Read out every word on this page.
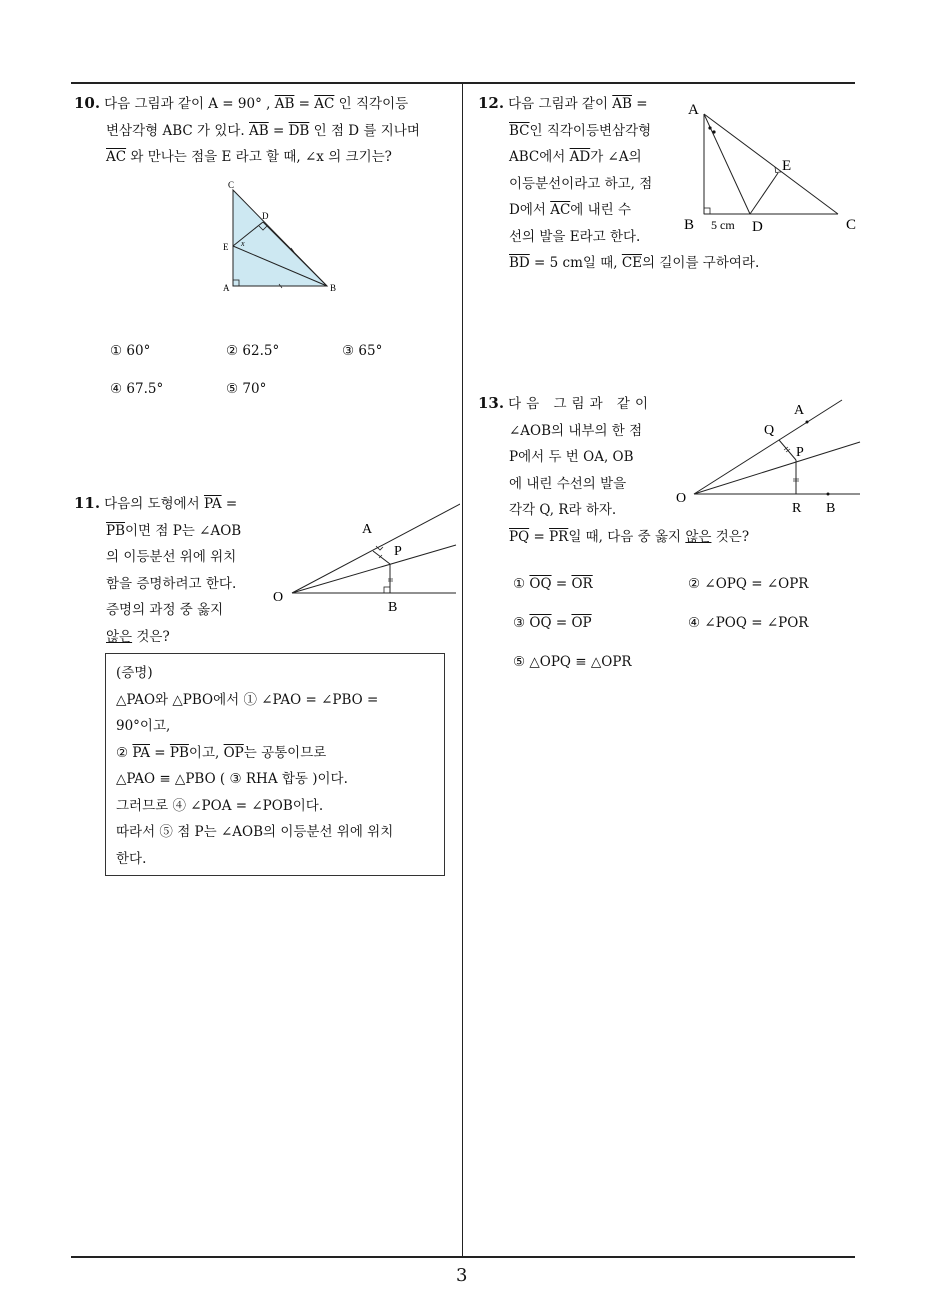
10. 다음 그림과 같이 A = 90° , $\overline{AB} = \overline{AC}$ 인 직각이등
변삼각형 ABC 가 있다. $\overline{AB} = \overline{DB}$ 인 점 D 를 지나며
$\overline{AC}$ 와 만나는 점을 E 라고 할 때, ∠x 의 크기는?
C
D
E x
A	B
① 60°	② 62.5°	③ 65°
④ 67.5°	⑤ 70°
11. 다음의 도형에서 $\overline{PA}$ =
$\overline{PB}$이면 점 P는 ∠AOB
의 이등분선 위에 위치
함을 증명하려고 한다.
증명의 과정 중 옳지
않은 것은?
A
P
O
B
(증명)
△PAO와 △PBO에서 ① ∠PAO = ∠PBO =
90°이고,
② $\overline{PA} = \overline{PB}$이고, $\overline{OP}$는 공통이므로
△PAO ≡ △PBO ( ③ RHA 합동 )이다.
그러므로 ④ ∠POA = ∠POB이다.
따라서 ⑤ 점 P는 ∠AOB의 이등분선 위에 위치
한다.
12. 다음 그림과 같이 $\overline{AB}$ =
$\overline{BC}$인 직각이등변삼각형
ABC에서 $\overline{AD}$가 ∠A의
이등분선이라고 하고, 점
D에서 $\overline{AC}$에 내린 수
선의 발을 E라고 한다.
$\overline{BD} = 5$ cm일 때, $\overline{CE}$의 길이를 구하여라.
A
E
B 5 cm D	C
13. 다음 그림과 같이
∠AOB의 내부의 한 점
P에서 두 번 OA, OB
에 내린 수선의 발을
각각 Q, R라 하자.
$\overline{PQ} = \overline{PR}$일 때, 다음 중 옳지 않은 것은?
A
Q
P
O
R B
① $\overline{OQ} = \overline{OR}$	② ∠OPQ = ∠OPR
③ $\overline{OQ} = \overline{OP}$	④ ∠POQ = ∠POR
⑤ △OPQ ≡ △OPR
3
